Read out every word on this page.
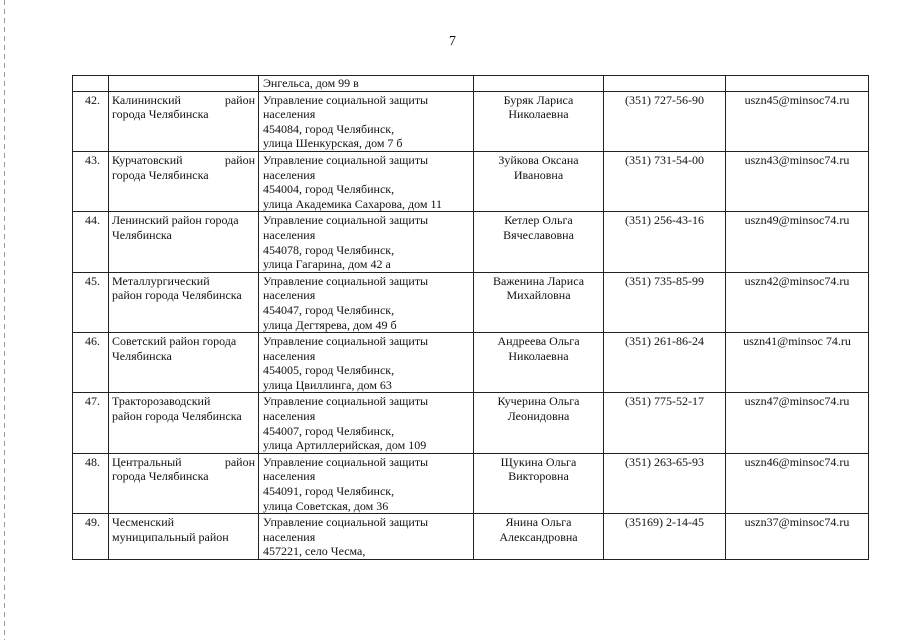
7

		Энгельса, дом 99 в			

42.	Калининский район
города Челябинска	Управление социальной защиты
населения
454084, город Челябинск,
улица Шенкурская, дом 7 б	Буряк Лариса
Николаевна	(351) 727-56-90	uszn45@minsoc74.ru
43.	Курчатовский район
города Челябинска	Управление социальной защиты
населения
454004, город Челябинск,
улица Академика Сахарова, дом 11	Зуйкова Оксана
Ивановна	(351) 731-54-00	uszn43@minsoc74.ru
44.	Ленинский район города
Челябинска	Управление социальной защиты
населения
454078, город Челябинск,
улица Гагарина, дом 42 а	Кетлер Ольга
Вячеславовна	(351) 256-43-16	uszn49@minsoc74.ru
45.	Металлургический
район города Челябинска	Управление социальной защиты
населения
454047, город Челябинск,
улица Дегтярева, дом 49 б	Важенина Лариса
Михайловна	(351) 735-85-99	uszn42@minsoc74.ru
46.	Советский район города
Челябинска	Управление социальной защиты
населения
454005, город Челябинск,
улица Цвиллинга, дом 63	Андреева Ольга
Николаевна	(351) 261-86-24	uszn41@minsoc 74.ru
47.	Тракторозаводский
район города Челябинска	Управление социальной защиты
населения
454007, город Челябинск,
улица Артиллерийская, дом 109	Кучерина Ольга
Леонидовна	(351) 775-52-17	uszn47@minsoc74.ru
48.	Центральный район
города Челябинска	Управление социальной защиты
населения
454091, город Челябинск,
улица Советская, дом 36	Щукина Ольга
Викторовна	(351) 263-65-93	uszn46@minsoc74.ru
49.	Чесменский
муниципальный район	Управление социальной защиты
населения
457221, село Чесма,	Янина Ольга
Александровна	(35169) 2-14-45	uszn37@minsoc74.ru
